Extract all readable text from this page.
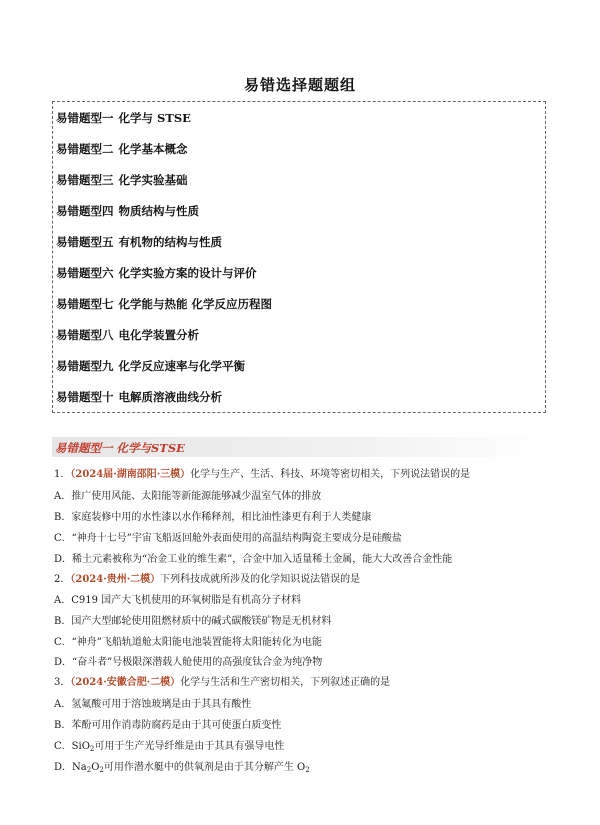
易错选择题题组
易错题型一 化学与 STSE
易错题型二 化学基本概念
易错题型三 化学实验基础
易错题型四 物质结构与性质
易错题型五 有机物的结构与性质
易错题型六 化学实验方案的设计与评价
易错题型七 化学能与热能 化学反应历程图
易错题型八 电化学装置分析
易错题型九 化学反应速率与化学平衡
易错题型十 电解质溶液曲线分析
易错题型一 化学与STSE
1．（2024届·湖南邵阳·三模）化学与生产、生活、科技、环境等密切相关，下列说法错误的是
A．推广使用风能、太阳能等新能源能够减少温室气体的排放
B．家庭装修中用的水性漆以水作稀释剂，相比油性漆更有利于人类健康
C．“神舟十七号”宇宙飞船返回舱外表面使用的高温结构陶瓷主要成分是硅酸盐
D．稀土元素被称为“冶金工业的维生素”，合金中加入适量稀土金属，能大大改善合金性能
2．（2024·贵州·二模）下列科技成就所涉及的化学知识说法错误的是
A．C919 国产大飞机使用的环氧树脂是有机高分子材料
B．国产大型邮轮使用阻燃材质中的碱式碳酸镁矿物是无机材料
C．“神舟”飞船轨道舱太阳能电池装置能将太阳能转化为电能
D．“奋斗者”号极限深潜载人舱使用的高强度钛合金为纯净物
3．（2024·安徽合肥·二模）化学与生活和生产密切相关，下列叙述正确的是
A．氢氟酸可用于溶蚀玻璃是由于其具有酸性
B．苯酚可用作消毒防腐药是由于其可使蛋白质变性
C．SiO$_2$可用于生产光导纤维是由于其具有强导电性
D．$Na_2O_2$可用作潜水艇中的供氧剂是由于其分解产生 $O_2$
